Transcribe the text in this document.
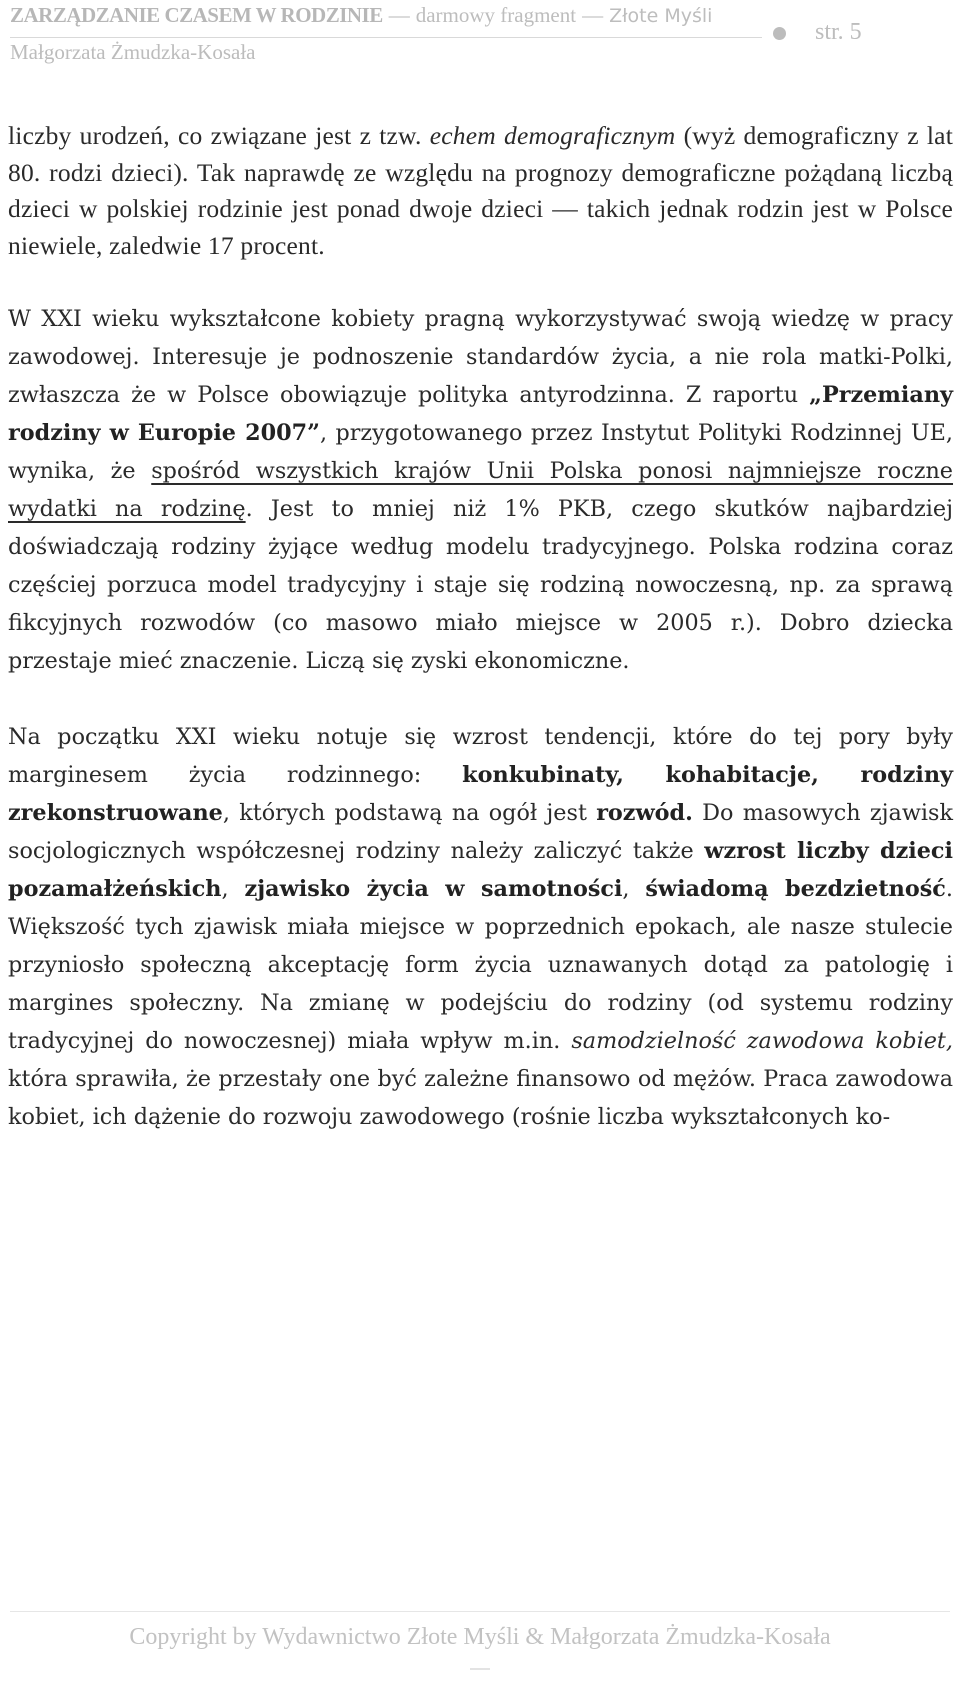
ZARZĄDZANIE CZASEM W RODZINIE — darmowy fragment — Złote Myśli
Małgorzata Żmudzka-Kosała
str. 5

liczby urodzeń, co związane jest z tzw. echem demograficznym (wyż demograficzny z lat 80. rodzi dzieci). Tak naprawdę ze względu na prognozy demograficzne pożądaną liczbą dzieci w polskiej rodzinie jest ponad dwoje dzieci — takich jednak rodzin jest w Polsce niewiele, zaledwie 17 procent.

W XXI wieku wykształcone kobiety pragną wykorzystywać swoją wiedzę w pracy zawodowej. Interesuje je podnoszenie standardów życia, a nie rola matki-Polki, zwłaszcza że w Polsce obowiązuje polityka antyrodzinna. Z raportu „Przemiany rodziny w Europie 2007”, przygotowanego przez Instytut Polityki Rodzinnej UE, wynika, że spośród wszystkich krajów Unii Polska ponosi najmniejsze roczne wydatki na rodzinę. Jest to mniej niż 1% PKB, czego skutków najbardziej doświadczają rodziny żyjące według modelu tradycyjnego. Polska rodzina coraz częściej porzuca model tradycyjny i staje się rodziną nowoczesną, np. za sprawą fikcyjnych rozwodów (co masowo miało miejsce w 2005 r.). Dobro dziecka przestaje mieć znaczenie. Liczą się zyski ekonomiczne.

Na początku XXI wieku notuje się wzrost tendencji, które do tej pory były marginesem życia rodzinnego: konkubinaty, kohabitacje, rodziny zrekonstruowane, których podstawą na ogół jest rozwód. Do masowych zjawisk socjologicznych współczesnej rodziny należy zaliczyć także wzrost liczby dzieci pozamałżeńskich, zjawisko życia w samotności, świadomą bezdzietność. Większość tych zjawisk miała miejsce w poprzednich epokach, ale nasze stulecie przyniosło społeczną akceptację form życia uznawanych dotąd za patologię i margines społeczny. Na zmianę w podejściu do rodziny (od systemu rodziny tradycyjnej do nowoczesnej) miała wpływ m.in. samodzielność zawodowa kobiet, która sprawiła, że przestały one być zależne finansowo od mężów. Praca zawodowa kobiet, ich dążenie do rozwoju zawodowego (rośnie liczba wykształconych ko-

Copyright by Wydawnictwo Złote Myśli & Małgorzata Żmudzka-Kosała
